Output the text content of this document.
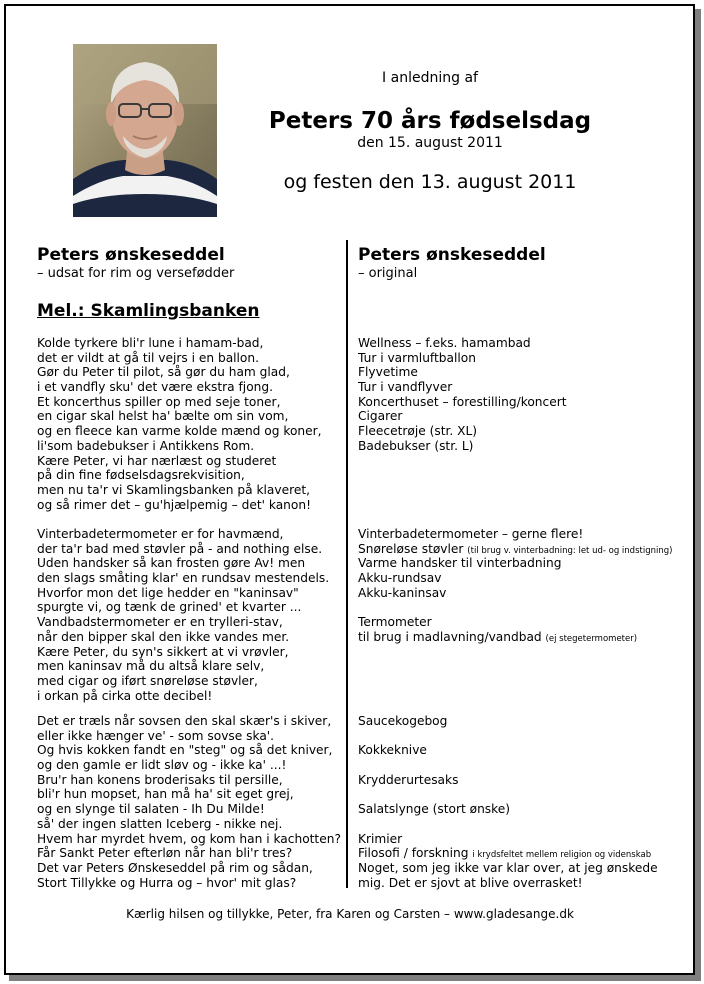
I anledning af
Peters 70 års fødselsdag
den 15. august 2011
og festen den 13. august 2011
Peters ønskeseddel
– udsat for rim og versefødder
Mel.: Skamlingsbanken
Peters ønskeseddel
– original
Kolde tyrkere bli'r lune i hamam-bad,
det er vildt at gå til vejrs i en ballon.
Gør du Peter til pilot, så gør du ham glad,
i et vandfly sku' det være ekstra fjong.
Et koncerthus spiller op med seje toner,
en cigar skal helst ha' bælte om sin vom,
og en fleece kan varme kolde mænd og koner,
li'som badebukser i Antikkens Rom.
Kære Peter, vi har nærlæst og studeret
på din fine fødselsdagsrekvisition,
men nu ta'r vi Skamlingsbanken på klaveret,
og så rimer det – gu'hjælpemig – det' kanon!
Vinterbadetermometer er for havmænd,
der ta'r bad med støvler på - and nothing else.
Uden handsker så kan frosten gøre Av! men
den slags småting klar' en rundsav mestendels.
Hvorfor mon det lige hedder en "kaninsav"
spurgte vi, og tænk de grined' et kvarter ...
Vandbadstermometer er en trylleri-stav,
når den bipper skal den ikke vandes mer.
Kære Peter, du syn's sikkert at vi vrøvler,
men kaninsav må du altså klare selv,
med cigar og iført snøreløse støvler,
i orkan på cirka otte decibel!
Det er træls når sovsen den skal skær's i skiver,
eller ikke hænger ve' - som sovse ska'.
Og hvis kokken fandt en "steg" og så det kniver,
og den gamle er lidt sløv og - ikke ka' ...!
Bru'r han konens broderisaks til persille,
bli'r hun mopset, han må ha' sit eget grej,
og en slynge til salaten - Ih Du Milde!
så' der ingen slatten Iceberg - nikke nej.
Hvem har myrdet hvem, og kom han i kachotten?
Får Sankt Peter efterløn når han bli'r tres?
Det var Peters Ønskeseddel på rim og sådan,
Stort Tillykke og Hurra og – hvor' mit glas?
Wellness – f.eks. hamambad
Tur i varmluftballon
Flyvetime
Tur i vandflyver
Koncerthuset – forestilling/koncert
Cigarer
Fleecetrøje (str. XL)
Badebukser (str. L)
Vinterbadetermometer – gerne flere!
Snøreløse støvler (til brug v. vinterbadning: let ud- og indstigning)
Varme handsker til vinterbadning
Akku-rundsav
Akku-kaninsav
Termometer
til brug i madlavning/vandbad (ej stegetermometer)
Saucekogebog
Kokkeknive
Krydderurtesaks
Salatslynge (stort ønske)
Krimier
Filosofi / forskning i krydsfeltet mellem religion og videnskab
Noget, som jeg ikke var klar over, at jeg ønskede
mig. Det er sjovt at blive overrasket!
Kærlig hilsen og tillykke, Peter, fra Karen og Carsten – www.gladesange.dk
